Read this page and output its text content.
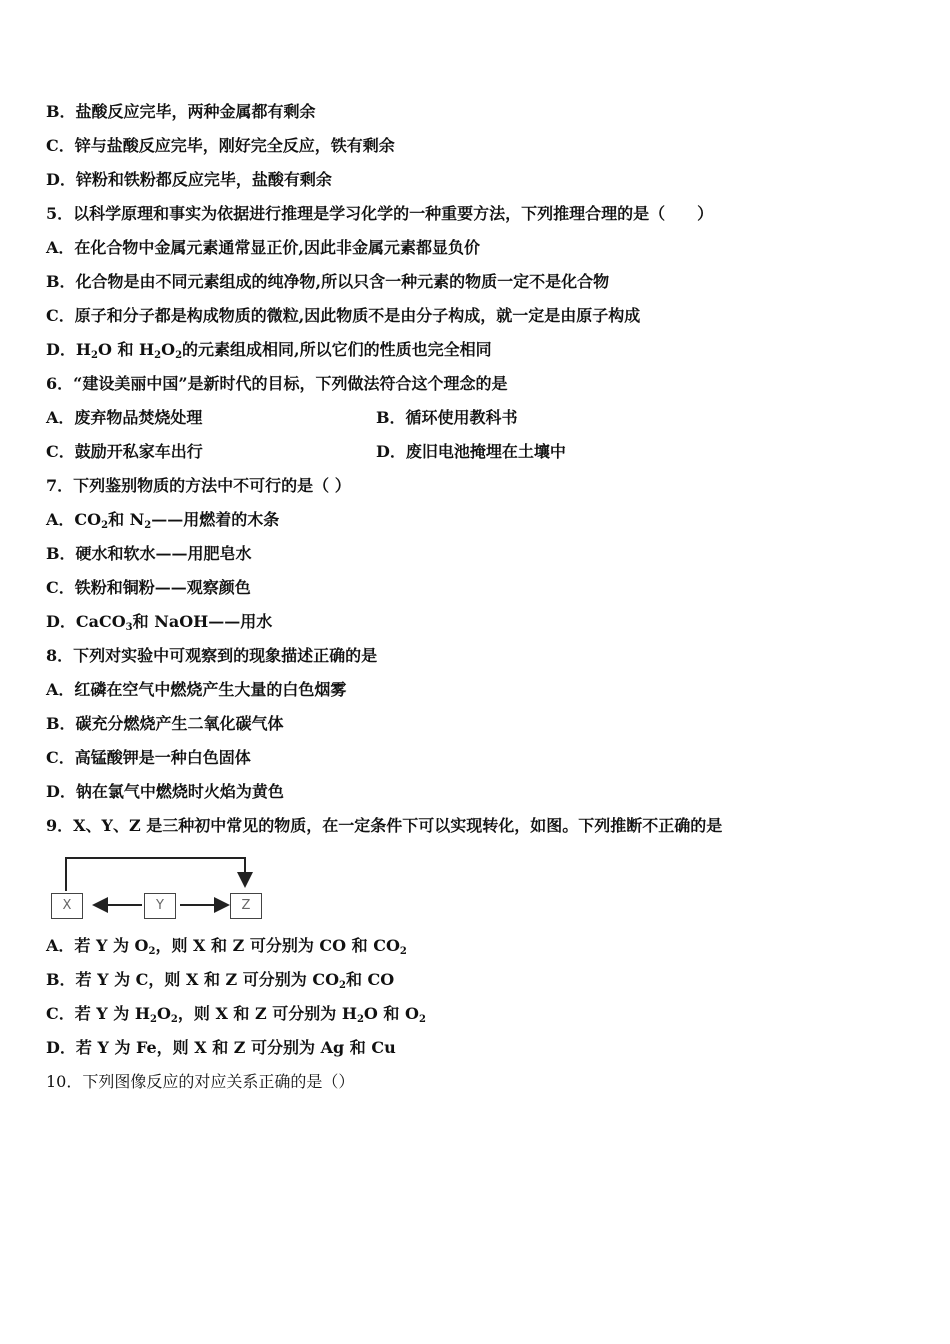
B．盐酸反应完毕，两种金属都有剩余
C．锌与盐酸反应完毕，刚好完全反应，铁有剩余
D．锌粉和铁粉都反应完毕，盐酸有剩余
5．以科学原理和事实为依据进行推理是学习化学的一种重要方法，下列推理合理的是（　　）
A．在化合物中金属元素通常显正价,因此非金属元素都显负价
B．化合物是由不同元素组成的纯净物,所以只含一种元素的物质一定不是化合物
C．原子和分子都是构成物质的微粒,因此物质不是由分子构成，就一定是由原子构成
D．$H_2O$ 和 $H_2O_2$的元素组成相同,所以它们的性质也完全相同
6．“建设美丽中国”是新时代的目标，下列做法符合这个理念的是
A．废弃物品焚烧处理	B．循环使用教科书
C．鼓励开私家车出行	D．废旧电池掩埋在土壤中
7．下列鉴别物质的方法中不可行的是（ ）
A．$CO_2$和 $N_2——$用燃着的木条
B．硬水和软水——用肥皂水
C．铁粉和铜粉——观察颜色
D．CaCO$_3$和 NaOH——用水
8．下列对实验中可观察到的现象描述正确的是
A．红磷在空气中燃烧产生大量的白色烟雾
B．碳充分燃烧产生二氧化碳气体
C．高锰酸钾是一种白色固体
D．钠在氯气中燃烧时火焰为黄色
9．X、Y、Z 是三种初中常见的物质，在一定条件下可以实现转化，如图。下列推断不正确的是
X	Y	Z
A．若 Y 为 $O_2$，则 X 和 Z 可分别为 CO 和 $CO_2$
B．若 Y 为 C，则 X 和 Z 可分别为 $CO_2$和 CO
C．若 Y 为 $H_2O_2$，则 X 和 Z 可分别为 $H_2O$ 和 $O_2$
D．若 Y 为 Fe，则 X 和 Z 可分别为 Ag 和 Cu
10．下列图像反应的对应关系正确的是（）
